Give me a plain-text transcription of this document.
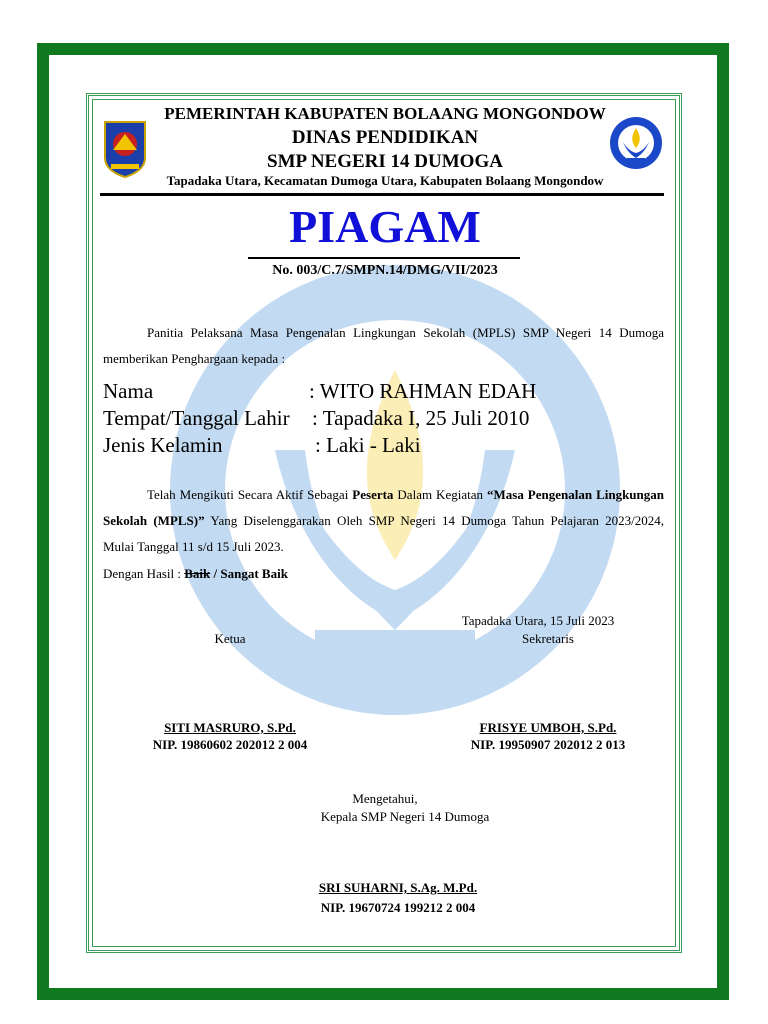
PEMERINTAH KABUPATEN BOLAANG MONGONDOW
DINAS PENDIDIKAN
SMP NEGERI 14 DUMOGA
Tapadaka Utara, Kecamatan Dumoga Utara, Kabupaten Bolaang Mongondow
PIAGAM
No. 003/C.7/SMPN.14/DMG/VII/2023
Panitia Pelaksana Masa Pengenalan Lingkungan Sekolah (MPLS) SMP Negeri 14 Dumoga memberikan Penghargaan kepada :
Nama	: WITO RAHMAN EDAH
Tempat/Tanggal Lahir : Tapadaka I, 25 Juli 2010
Jenis Kelamin	: Laki - Laki
Telah Mengikuti Secara Aktif Sebagai Peserta Dalam Kegiatan “Masa Pengenalan Lingkungan Sekolah (MPLS)” Yang Diselenggarakan Oleh SMP Negeri 14 Dumoga Tahun Pelajaran 2023/2024, Mulai Tanggal 11 s/d 15 Juli 2023.
Dengan Hasil : Baik / Sangat Baik
Tapadaka Utara, 15 Juli 2023
Ketua	Sekretaris
SITI MASRURO, S.Pd.
NIP. 19860602 202012 2 004
FRISYE UMBOH, S.Pd.
NIP. 19950907 202012 2 013
Mengetahui,
Kepala SMP Negeri 14 Dumoga
SRI SUHARNI, S.Ag. M.Pd.
NIP. 19670724 199212 2 004
